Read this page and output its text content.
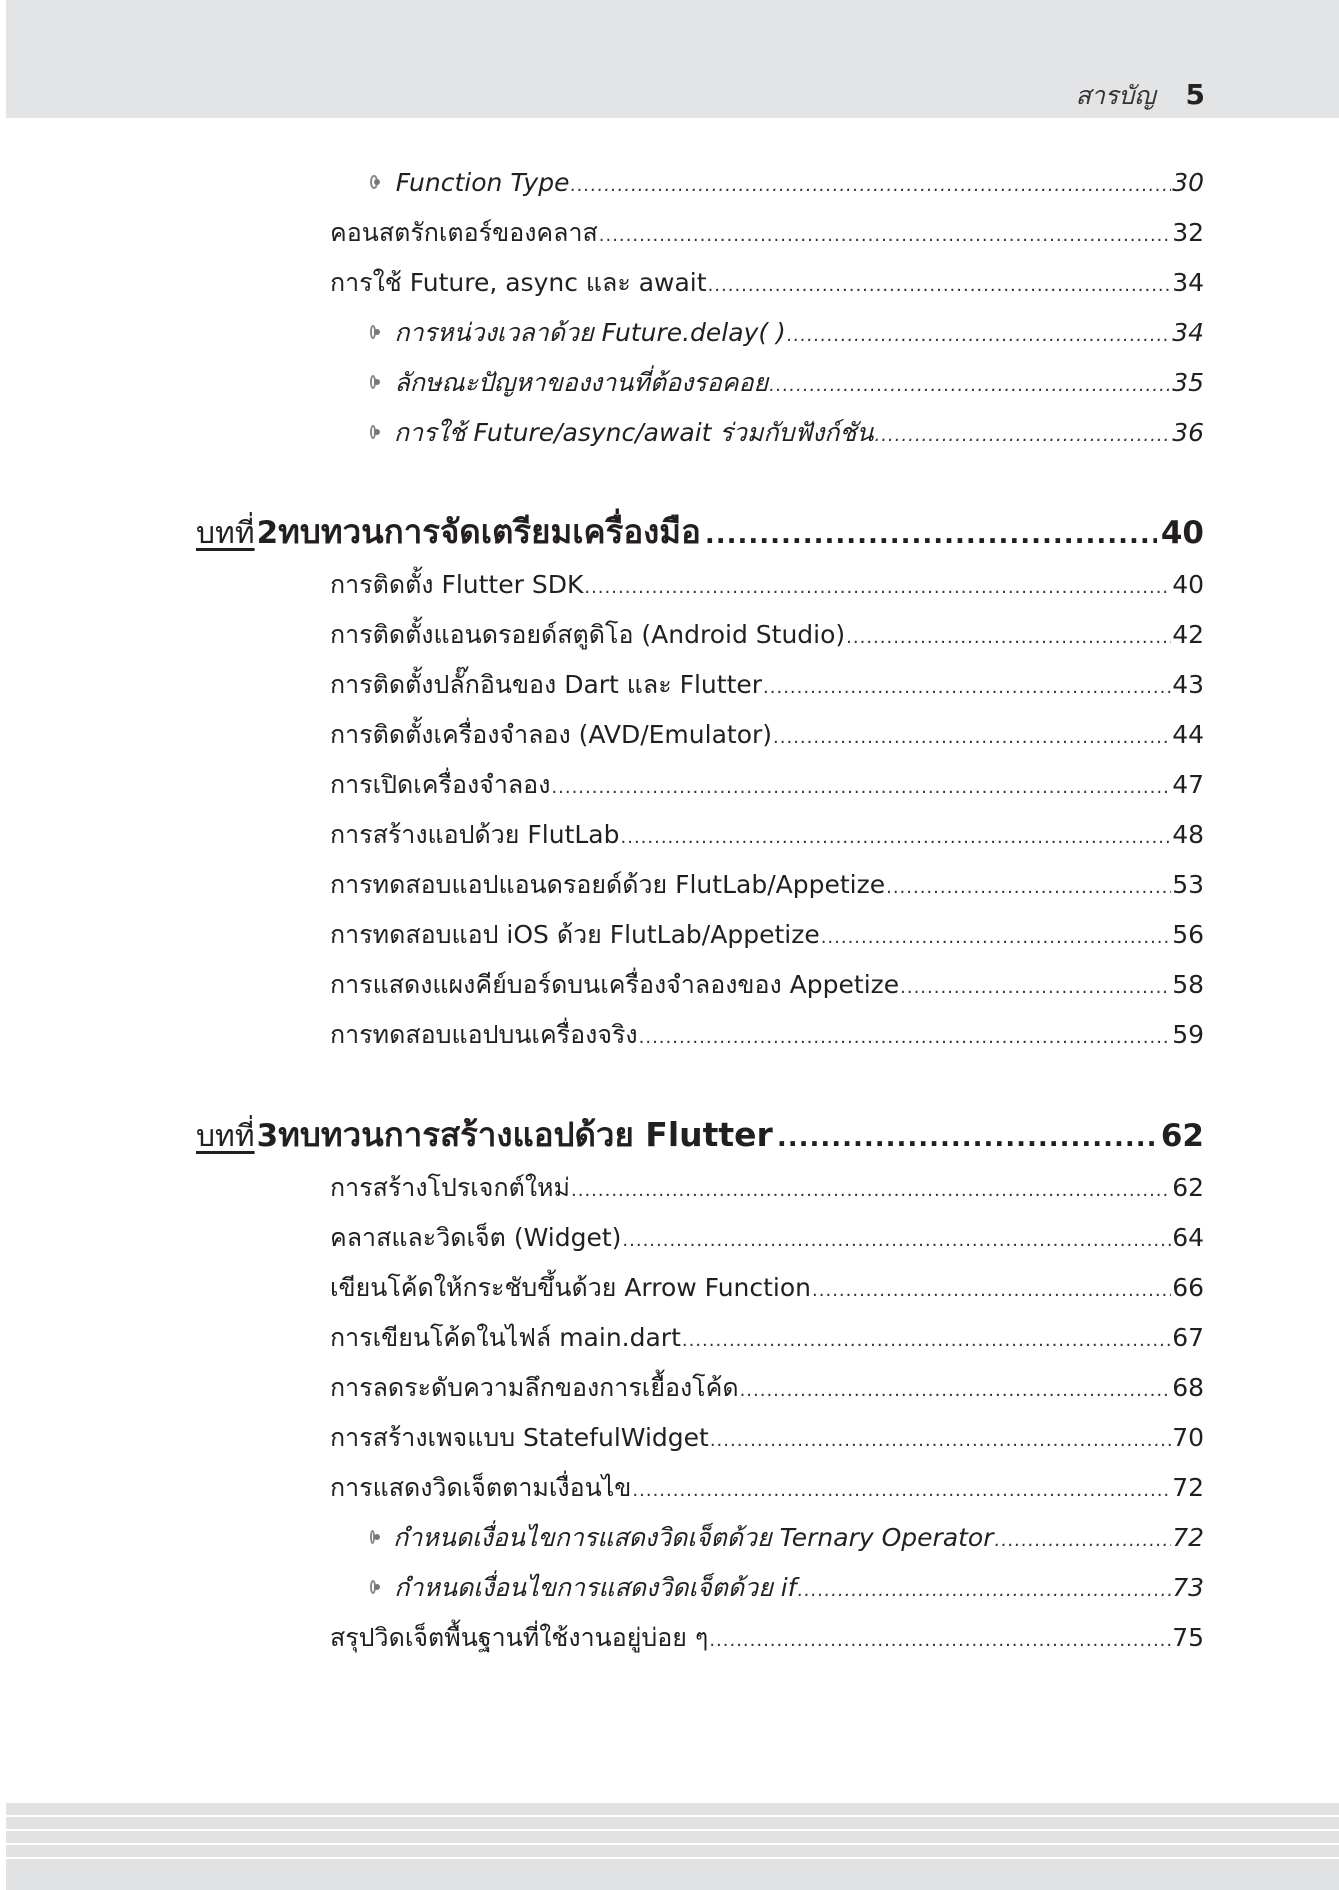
สารบัญ 5
Function Type .....	30
คอนสตรักเตอร์ของคลาส .....	32
การใช้ Future, async และ await .....	34
การหน่วงเวลาด้วย Future.delay( ) .....	34
ลักษณะปัญหาของงานที่ต้องรอคอย .....	35
การใช้ Future/async/await ร่วมกับฟังก์ชัน .....	36
บทที่ 2 ทบทวนการจัดเตรียมเครื่องมือ .....	40
การติดตั้ง Flutter SDK .....	40
การติดตั้งแอนดรอยด์สตูดิโอ (Android Studio) .....	42
การติดตั้งปลั๊กอินของ Dart และ Flutter .....	43
การติดตั้งเครื่องจำลอง (AVD/Emulator) .....	44
การเปิดเครื่องจำลอง .....	47
การสร้างแอปด้วย FlutLab .....	48
การทดสอบแอปแอนดรอยด์ด้วย FlutLab/Appetize .....	53
การทดสอบแอป iOS ด้วย FlutLab/Appetize .....	56
การแสดงแผงคีย์บอร์ดบนเครื่องจำลองของ Appetize .....	58
การทดสอบแอปบนเครื่องจริง .....	59
บทที่ 3 ทบทวนการสร้างแอปด้วย Flutter .....	62
การสร้างโปรเจกต์ใหม่ .....	62
คลาสและวิดเจ็ต (Widget) .....	64
เขียนโค้ดให้กระชับขึ้นด้วย Arrow Function .....	66
การเขียนโค้ดในไฟล์ main.dart .....	67
การลดระดับความลึกของการเยื้องโค้ด .....	68
การสร้างเพจแบบ StatefulWidget .....	70
การแสดงวิดเจ็ตตามเงื่อนไข .....	72
กำหนดเงื่อนไขการแสดงวิดเจ็ตด้วย Ternary Operator .....	72
กำหนดเงื่อนไขการแสดงวิดเจ็ตด้วย if .....	73
สรุปวิดเจ็ตพื้นฐานที่ใช้งานอยู่บ่อย ๆ .....	75
